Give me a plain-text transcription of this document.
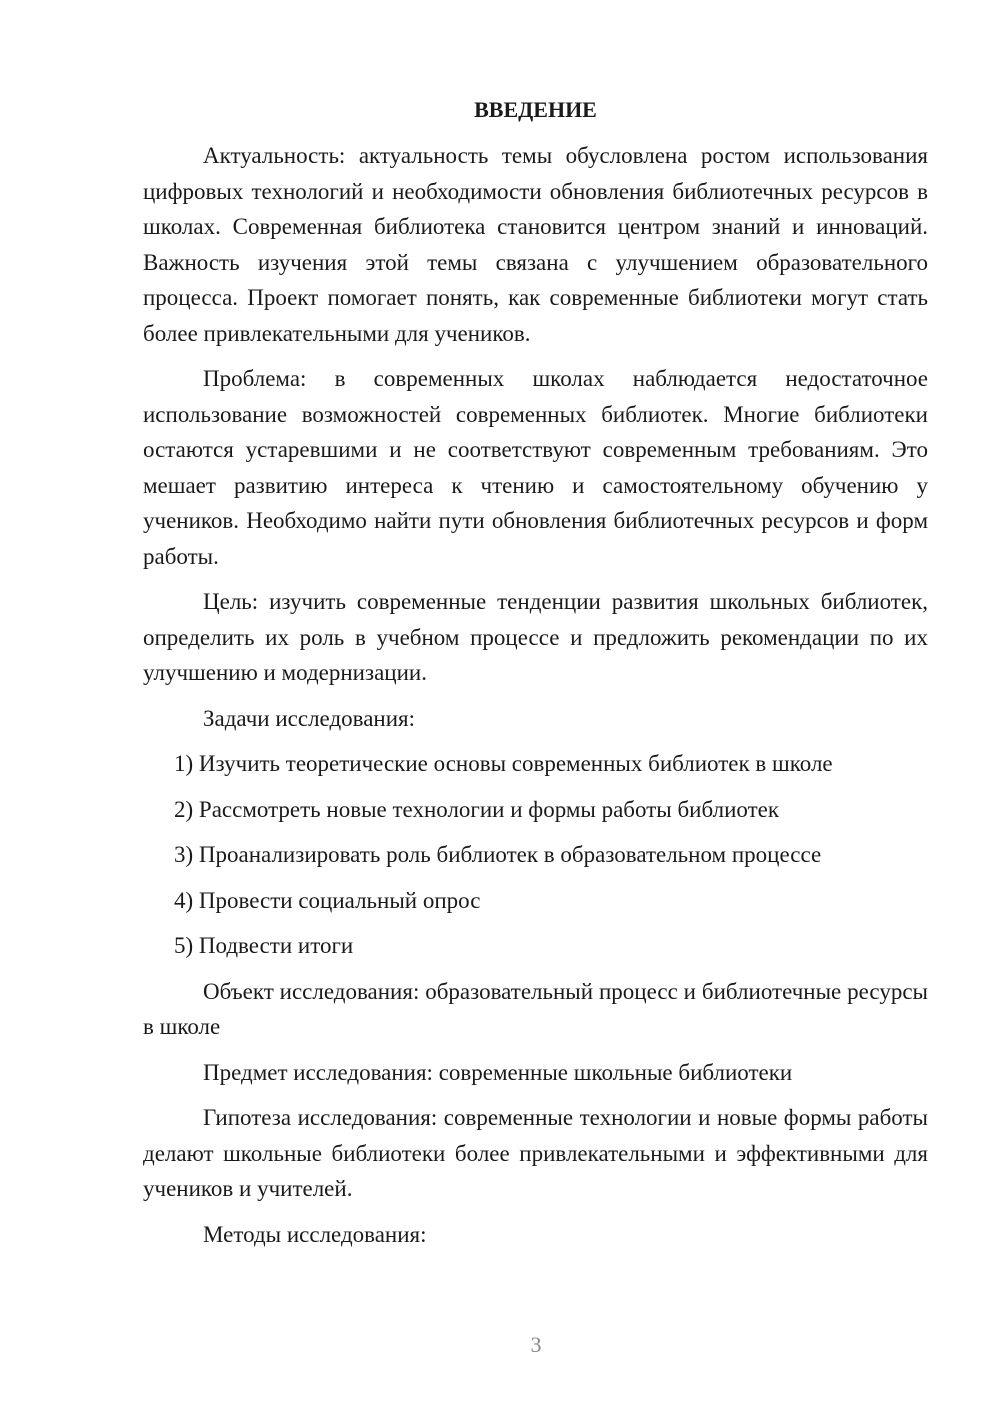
ВВЕДЕНИЕ

Актуальность: актуальность темы обусловлена ростом использования цифровых технологий и необходимости обновления библиотечных ресурсов в школах. Современная библиотека становится центром знаний и инноваций. Важность изучения этой темы связана с улучшением образовательного процесса. Проект помогает понять, как современные библиотеки могут стать более привлекательными для учеников.

Проблема: в современных школах наблюдается недостаточное использование возможностей современных библиотек. Многие библиотеки остаются устаревшими и не соответствуют современным требованиям. Это мешает развитию интереса к чтению и самостоятельному обучению у учеников. Необходимо найти пути обновления библиотечных ресурсов и форм работы.

Цель: изучить современные тенденции развития школьных библиотек, определить их роль в учебном процессе и предложить рекомендации по их улучшению и модернизации.

Задачи исследования:

1) Изучить теоретические основы современных библиотек в школе
2) Рассмотреть новые технологии и формы работы библиотек
3) Проанализировать роль библиотек в образовательном процессе
4) Провести социальный опрос
5) Подвести итоги

Объект исследования: образовательный процесс и библиотечные ресурсы в школе

Предмет исследования: современные школьные библиотеки

Гипотеза исследования: современные технологии и новые формы работы делают школьные библиотеки более привлекательными и эффективными для учеников и учителей.

Методы исследования:

3
